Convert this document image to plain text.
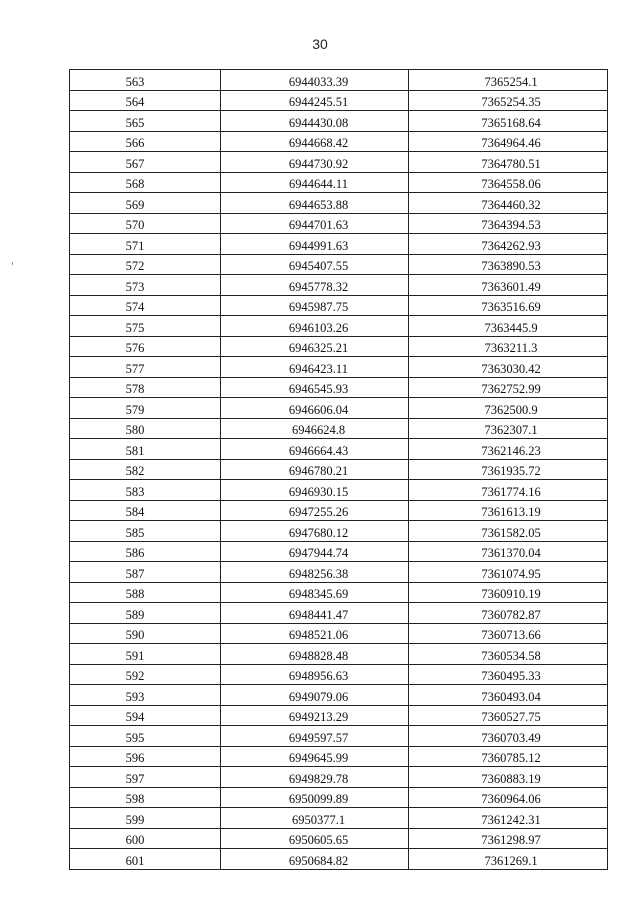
30
563	6944033.39	7365254.1
564	6944245.51	7365254.35
565	6944430.08	7365168.64
566	6944668.42	7364964.46
567	6944730.92	7364780.51
568	6944644.11	7364558.06
569	6944653.88	7364460.32
570	6944701.63	7364394.53
571	6944991.63	7364262.93
572	6945407.55	7363890.53
573	6945778.32	7363601.49
574	6945987.75	7363516.69
575	6946103.26	7363445.9
576	6946325.21	7363211.3
577	6946423.11	7363030.42
578	6946545.93	7362752.99
579	6946606.04	7362500.9
580	6946624.8	7362307.1
581	6946664.43	7362146.23
582	6946780.21	7361935.72
583	6946930.15	7361774.16
584	6947255.26	7361613.19
585	6947680.12	7361582.05
586	6947944.74	7361370.04
587	6948256.38	7361074.95
588	6948345.69	7360910.19
589	6948441.47	7360782.87
590	6948521.06	7360713.66
591	6948828.48	7360534.58
592	6948956.63	7360495.33
593	6949079.06	7360493.04
594	6949213.29	7360527.75
595	6949597.57	7360703.49
596	6949645.99	7360785.12
597	6949829.78	7360883.19
598	6950099.89	7360964.06
599	6950377.1	7361242.31
600	6950605.65	7361298.97
601	6950684.82	7361269.1
